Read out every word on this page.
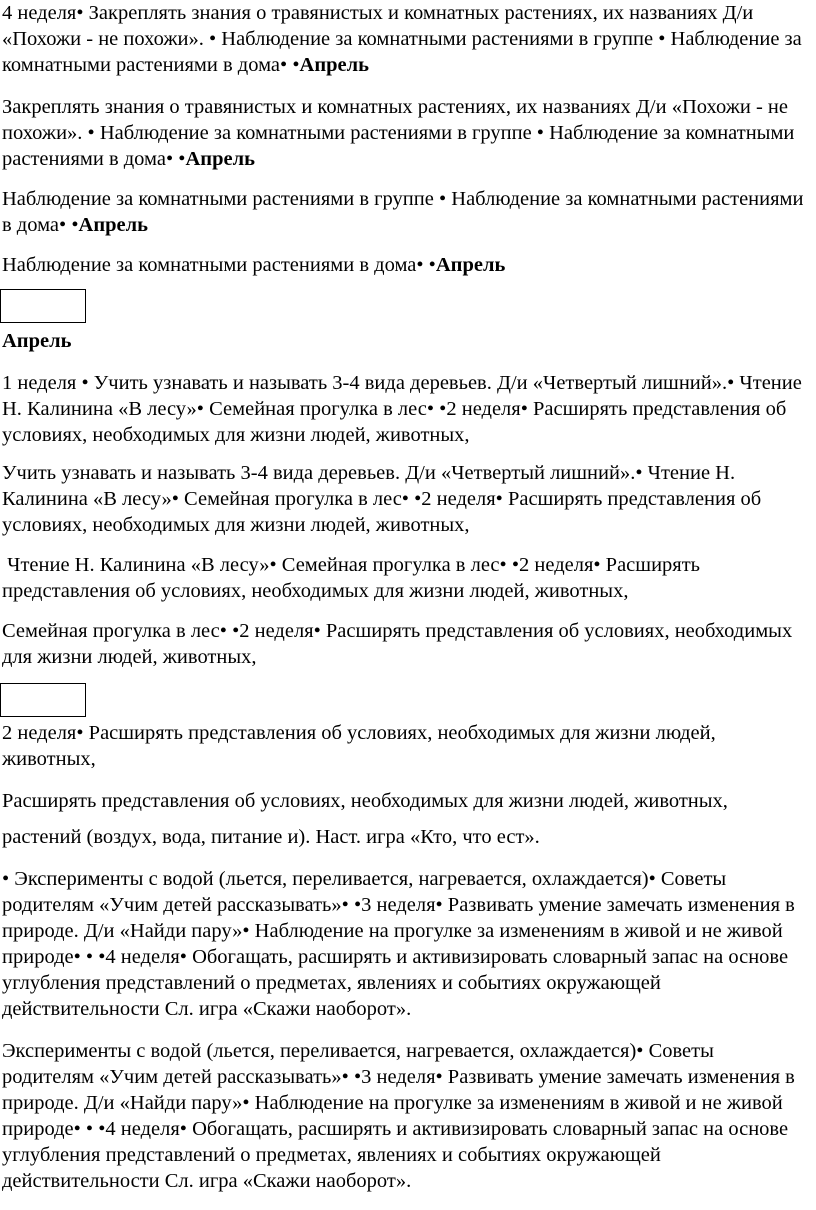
4 неделя• Закреплять знания о травянистых и комнатных растениях, их названиях Д/и «Похожи - не похожи». • Наблюдение за комнатными растениями в группе • Наблюдение за комнатными растениями в дома• •Апрель

Закреплять знания о травянистых и комнатных растениях, их названиях Д/и «Похожи - не похожи». • Наблюдение за комнатными растениями в группе • Наблюдение за комнатными растениями в дома• •Апрель

Наблюдение за комнатными растениями в группе • Наблюдение за комнатными растениями в дома• •Апрель

Наблюдение за комнатными растениями в дома• •Апрель

Апрель

1 неделя • Учить узнавать и называть 3-4 вида деревьев. Д/и «Четвертый лишний».• Чтение Н. Калинина «В лесу»• Семейная прогулка в лес• •2 неделя• Расширять представления об условиях, необходимых для жизни людей, животных,

Учить узнавать и называть 3-4 вида деревьев. Д/и «Четвертый лишний».• Чтение Н. Калинина «В лесу»• Семейная прогулка в лес• •2 неделя• Расширять представления об условиях, необходимых для жизни людей, животных,

Чтение Н. Калинина «В лесу»• Семейная прогулка в лес• •2 неделя• Расширять представления об условиях, необходимых для жизни людей, животных,

Семейная прогулка в лес• •2 неделя• Расширять представления об условиях, необходимых для жизни людей, животных,

2 неделя• Расширять представления об условиях, необходимых для жизни людей, животных,

Расширять представления об условиях, необходимых для жизни людей, животных,

растений (воздух, вода, питание и). Наст. игра «Кто, что ест».

• Эксперименты с водой (льется, переливается, нагревается, охлаждается)• Советы родителям «Учим детей рассказывать»• •3 неделя• Развивать умение замечать изменения в природе. Д/и «Найди пару»• Наблюдение на прогулке за изменениям в живой и не живой природе• • •4 неделя• Обогащать, расширять и активизировать словарный запас на основе углубления представлений о предметах, явлениях и событиях окружающей действительности Сл. игра «Скажи наоборот».

Эксперименты с водой (льется, переливается, нагревается, охлаждается)• Советы родителям «Учим детей рассказывать»• •3 неделя• Развивать умение замечать изменения в природе. Д/и «Найди пару»• Наблюдение на прогулке за изменениям в живой и не живой природе• • •4 неделя• Обогащать, расширять и активизировать словарный запас на основе углубления представлений о предметах, явлениях и событиях окружающей действительности Сл. игра «Скажи наоборот».
